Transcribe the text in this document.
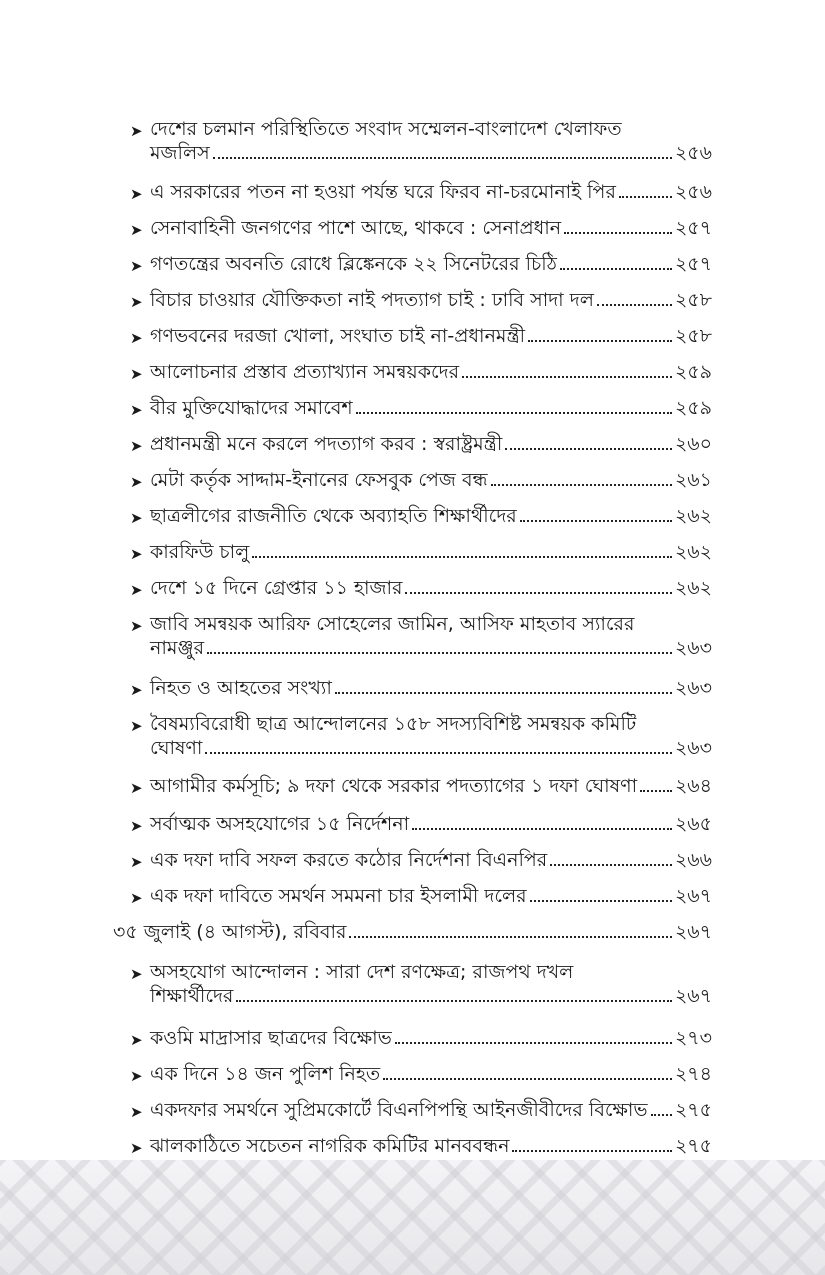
➤ দেশের চলমান পরিস্থিতিতে সংবাদ সম্মেলন-বাংলাদেশ খেলাফত
মজলিস	২৫৬
➤ এ সরকারের পতন না হওয়া পর্যন্ত ঘরে ফিরব না-চরমোনাই পির	২৫৬
➤ সেনাবাহিনী জনগণের পাশে আছে, থাকবে : সেনাপ্রধান	২৫৭
➤ গণতন্ত্রের অবনতি রোধে ব্লিঙ্কেনকে ২২ সিনেটরের চিঠি	২৫৭
➤ বিচার চাওয়ার যৌক্তিকতা নাই পদত্যাগ চাই : ঢাবি সাদা দল	২৫৮
➤ গণভবনের দরজা খোলা, সংঘাত চাই না-প্রধানমন্ত্রী	২৫৮
➤ আলোচনার প্রস্তাব প্রত্যাখ্যান সমন্বয়কদের	২৫৯
➤ বীর মুক্তিযোদ্ধাদের সমাবেশ	২৫৯
➤ প্রধানমন্ত্রী মনে করলে পদত্যাগ করব : স্বরাষ্ট্রমন্ত্রী	২৬০
➤ মেটা কর্তৃক সাদ্দাম-ইনানের ফেসবুক পেজ বন্ধ	২৬১
➤ ছাত্রলীগের রাজনীতি থেকে অব্যাহতি শিক্ষার্থীদের	২৬২
➤ কারফিউ চালু	২৬২
➤ দেশে ১৫ দিনে গ্রেপ্তার ১১ হাজার	২৬২
➤ জাবি সমন্বয়ক আরিফ সোহেলের জামিন, আসিফ মাহতাব স্যারের
নামঞ্জুর	২৬৩
➤ নিহত ও আহতের সংখ্যা	২৬৩
➤ বৈষম্যবিরোধী ছাত্র আন্দোলনের ১৫৮ সদস্যবিশিষ্ট সমন্বয়ক কমিটি
ঘোষণা	২৬৩
➤ আগামীর কর্মসূচি; ৯ দফা থেকে সরকার পদত্যাগের ১ দফা ঘোষণা ২৬৪
➤ সর্বাত্মক অসহযোগের ১৫ নির্দেশনা	২৬৫
➤ এক দফা দাবি সফল করতে কঠোর নির্দেশনা বিএনপির	২৬৬
➤ এক দফা দাবিতে সমর্থন সমমনা চার ইসলামী দলের	২৬৭
৩৫ জুলাই (৪ আগস্ট), রবিবার	২৬৭
➤ অসহযোগ আন্দোলন : সারা দেশ রণক্ষেত্র; রাজপথ দখল
শিক্ষার্থীদের	২৬৭
➤ কওমি মাদ্রাসার ছাত্রদের বিক্ষোভ	২৭৩
➤ এক দিনে ১৪ জন পুলিশ নিহত	২৭৪
➤ একদফার সমর্থনে সুপ্রিমকোর্টে বিএনপিপন্থি আইনজীবীদের বিক্ষোভ ২৭৫
➤ ঝালকাঠিতে সচেতন নাগরিক কমিটির মানববন্ধন	২৭৫
